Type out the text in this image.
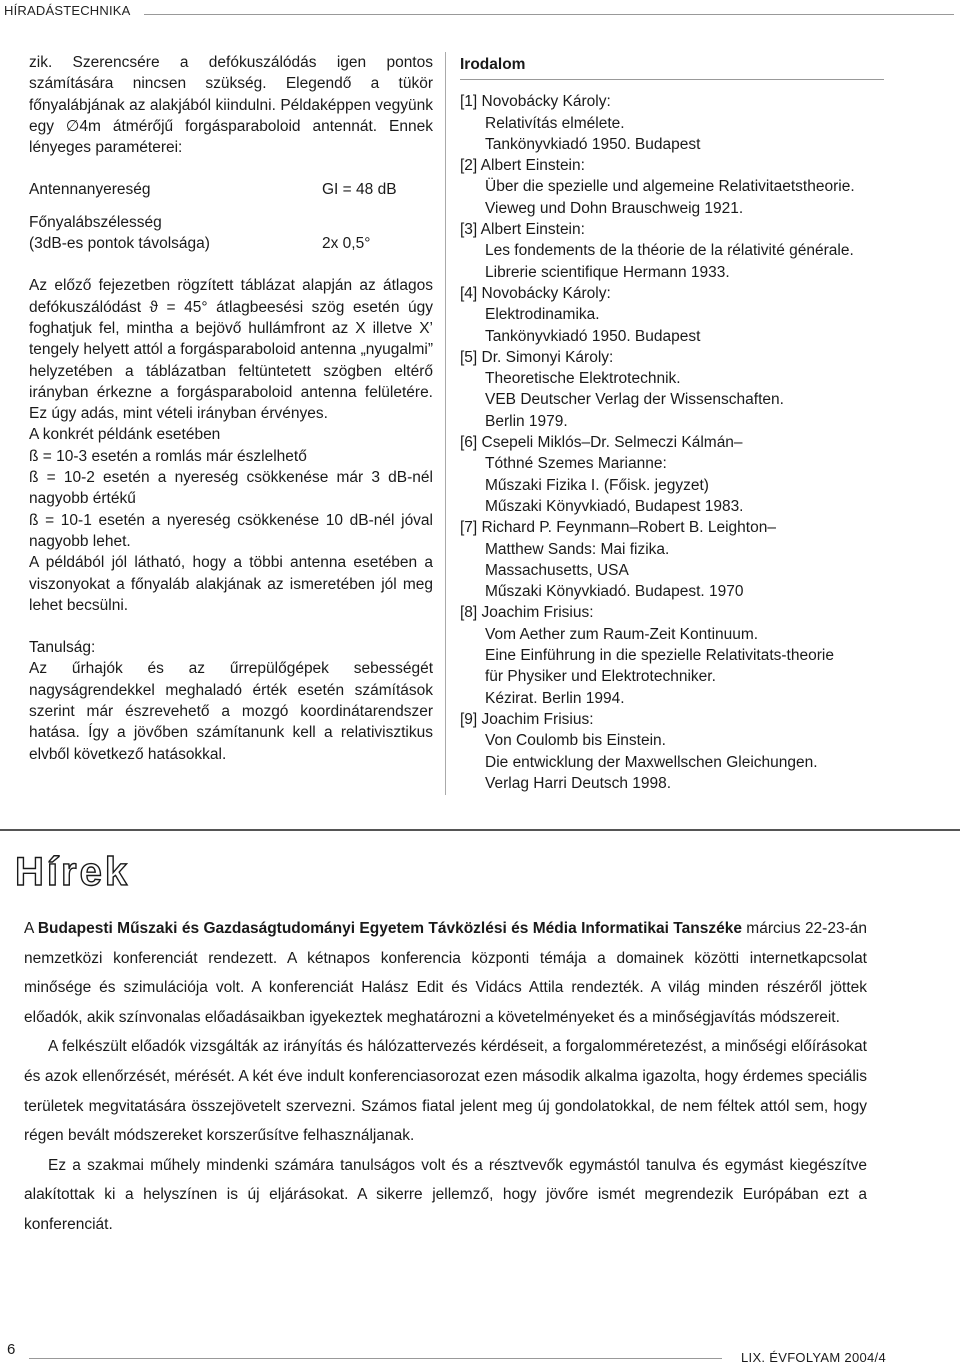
HÍRADÁSTECHNIKA

zik. Szerencsére a defókuszálódás igen pontos számítására nincsen szükség. Elegendő a tükör főnyalábjának az alakjából kiindulni. Példaképpen vegyünk egy ∅4m átmérőjű forgásparaboloid antennát. Ennek lényeges paraméterei:

Antennanyereség	GI = 48 dB
Főnyalábszélesség
(3dB-es pontok távolsága)	2x 0,5°

Az előző fejezetben rögzített táblázat alapján az átlagos defókuszálódást ϑ = 45° átlagbeesési szög esetén úgy foghatjuk fel, mintha a bejövő hullámfront az X illetve X’ tengely helyett attól a forgásparaboloid antenna „nyugalmi” helyzetében a táblázatban feltüntetett szögben eltérő irányban érkezne a forgásparaboloid antenna felületére. Ez úgy adás, mint vételi irányban érvényes.

A konkrét példánk esetében

ß = 10-3 esetén a romlás már észlelhető

ß = 10-2 esetén a nyereség csökkenése már 3 dB-nél nagyobb értékű

ß = 10-1 esetén a nyereség csökkenése 10 dB-nél jóval nagyobb lehet.

A példából jól látható, hogy a többi antenna esetében a viszonyokat a főnyaláb alakjának az ismeretében jól meg lehet becsülni.

Tanulság:

Az űrhajók és az űrrepülőgépek sebességét nagyságrendekkel meghaladó érték esetén számítások szerint már észrevehető a mozgó koordinátarendszer hatása. Így a jövőben számítanunk kell a relativisztikus elvből következő hatásokkal.

Irodalom

[1] Novobácky Károly:
Relativítás elmélete.
Tankönyvkiadó 1950. Budapest
[2] Albert Einstein:
Über die spezielle und algemeine Relativitaetstheorie.
Vieweg und Dohn Brauschweig 1921.
[3] Albert Einstein:
Les fondements de la théorie de la rélativité générale.
Librerie scientifique Hermann 1933.
[4] Novobácky Károly:
Elektrodinamika.
Tankönyvkiadó 1950. Budapest
[5] Dr. Simonyi Károly:
Theoretische Elektrotechnik.
VEB Deutscher Verlag der Wissenschaften.
Berlin 1979.
[6] Csepeli Miklós–Dr. Selmeczi Kálmán–
Tóthné Szemes Marianne:
Műszaki Fizika I. (Főisk. jegyzet)
Műszaki Könyvkiadó, Budapest 1983.
[7] Richard P. Feynmann–Robert B. Leighton–
Matthew Sands: Mai fizika.
Massachusetts, USA
Műszaki Könyvkiadó. Budapest. 1970
[8] Joachim Frisius:
Vom Aether zum Raum-Zeit Kontinuum.
Eine Einführung in die spezielle Relativitats-theorie
für Physiker und Elektrotechniker.
Kézirat. Berlin 1994.
[9] Joachim Frisius:
Von Coulomb bis Einstein.
Die entwicklung der Maxwellschen Gleichungen.
Verlag Harri Deutsch 1998.
Hírek

A Budapesti Műszaki és Gazdaságtudományi Egyetem Távközlési és Média Informatikai Tanszéke március 22-23-án nemzetközi konferenciát rendezett. A kétnapos konferencia központi témája a domainek közötti internetkapcsolat minősége és szimulációja volt. A konferenciát Halász Edit és Vidács Attila rendezték. A világ minden részéről jöttek előadók, akik színvonalas előadásaikban igyekeztek meghatározni a követelményeket és a minőségjavítás módszereit.

A felkészült előadók vizsgálták az irányítás és hálózattervezés kérdéseit, a forgalomméretezést, a minőségi előírásokat és azok ellenőrzését, mérését. A két éve indult konferenciasorozat ezen második alkalma igazolta, hogy érdemes speciális területek megvitatására összejövetelt szervezni. Számos fiatal jelent meg új gondolatokkal, de nem féltek attól sem, hogy régen bevált módszereket korszerűsítve felhasználjanak.

Ez a szakmai műhely mindenki számára tanulságos volt és a résztvevők egymástól tanulva és egymást kiegészítve alakítottak ki a helyszínen is új eljárásokat. A sikerre jellemző, hogy jövőre ismét megrendezik Európában ezt a konferenciát.

6	LIX. ÉVFOLYAM 2004/4
